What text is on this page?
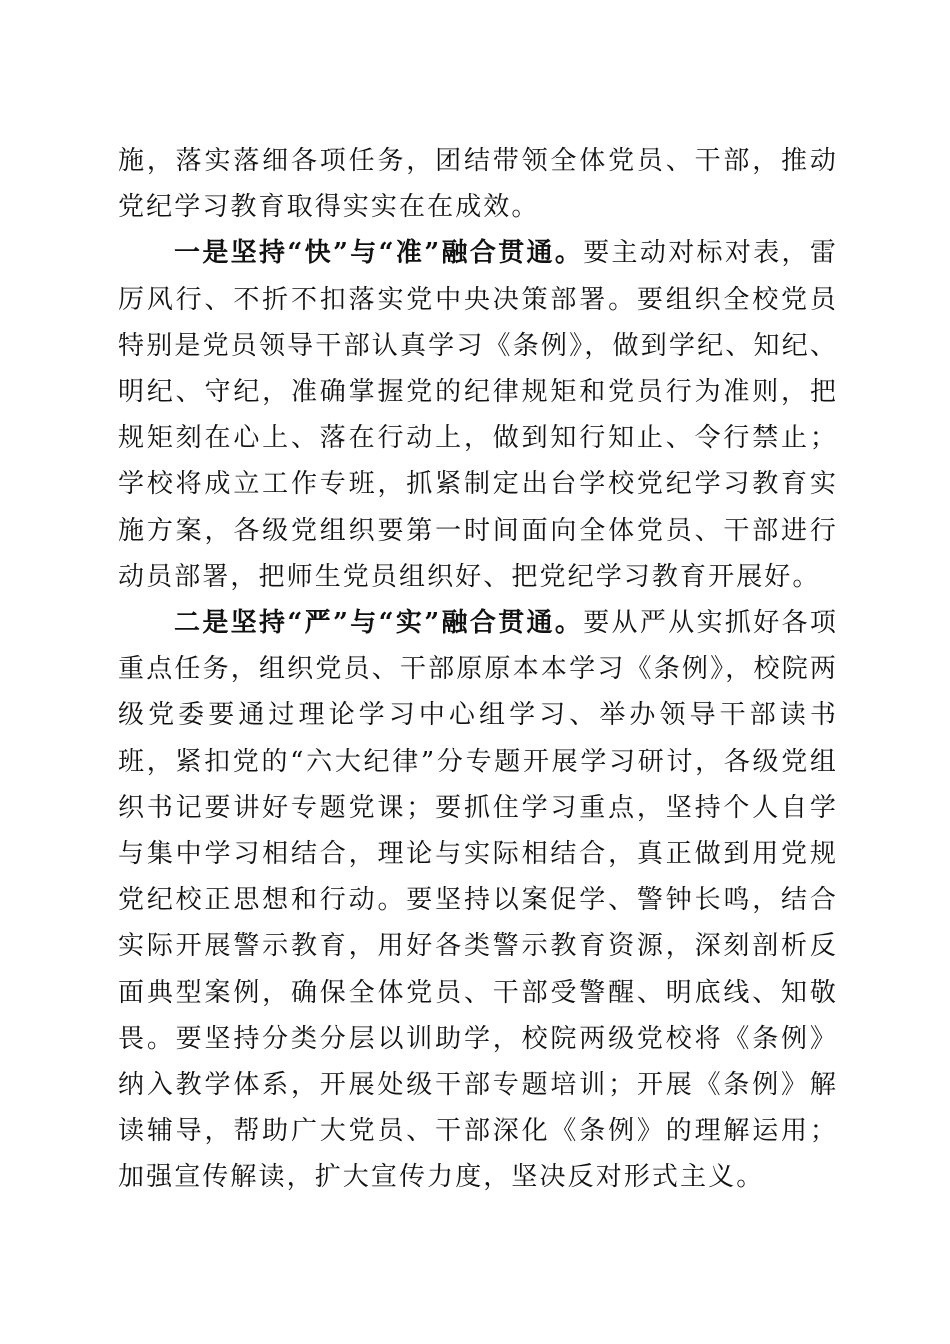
施，落实落细各项任务，团结带领全体党员、干部，推动党纪学习教育取得实实在在成效。

一是坚持“快”与“准”融合贯通。要主动对标对表，雷厉风行、不折不扣落实党中央决策部署。要组织全校党员特别是党员领导干部认真学习《条例》，做到学纪、知纪、明纪、守纪，准确掌握党的纪律规矩和党员行为准则，把规矩刻在心上、落在行动上，做到知行知止、令行禁止；学校将成立工作专班，抓紧制定出台学校党纪学习教育实施方案，各级党组织要第一时间面向全体党员、干部进行动员部署，把师生党员组织好、把党纪学习教育开展好。

二是坚持“严”与“实”融合贯通。要从严从实抓好各项重点任务，组织党员、干部原原本本学习《条例》，校院两级党委要通过理论学习中心组学习、举办领导干部读书班，紧扣党的“六大纪律”分专题开展学习研讨，各级党组织书记要讲好专题党课；要抓住学习重点，坚持个人自学与集中学习相结合，理论与实际相结合，真正做到用党规党纪校正思想和行动。要坚持以案促学、警钟长鸣，结合实际开展警示教育，用好各类警示教育资源，深刻剖析反面典型案例，确保全体党员、干部受警醒、明底线、知敬畏。要坚持分类分层以训助学，校院两级党校将《条例》纳入教学体系，开展处级干部专题培训；开展《条例》解读辅导，帮助广大党员、干部深化《条例》的理解运用；加强宣传解读，扩大宣传力度，坚决反对形式主义。
